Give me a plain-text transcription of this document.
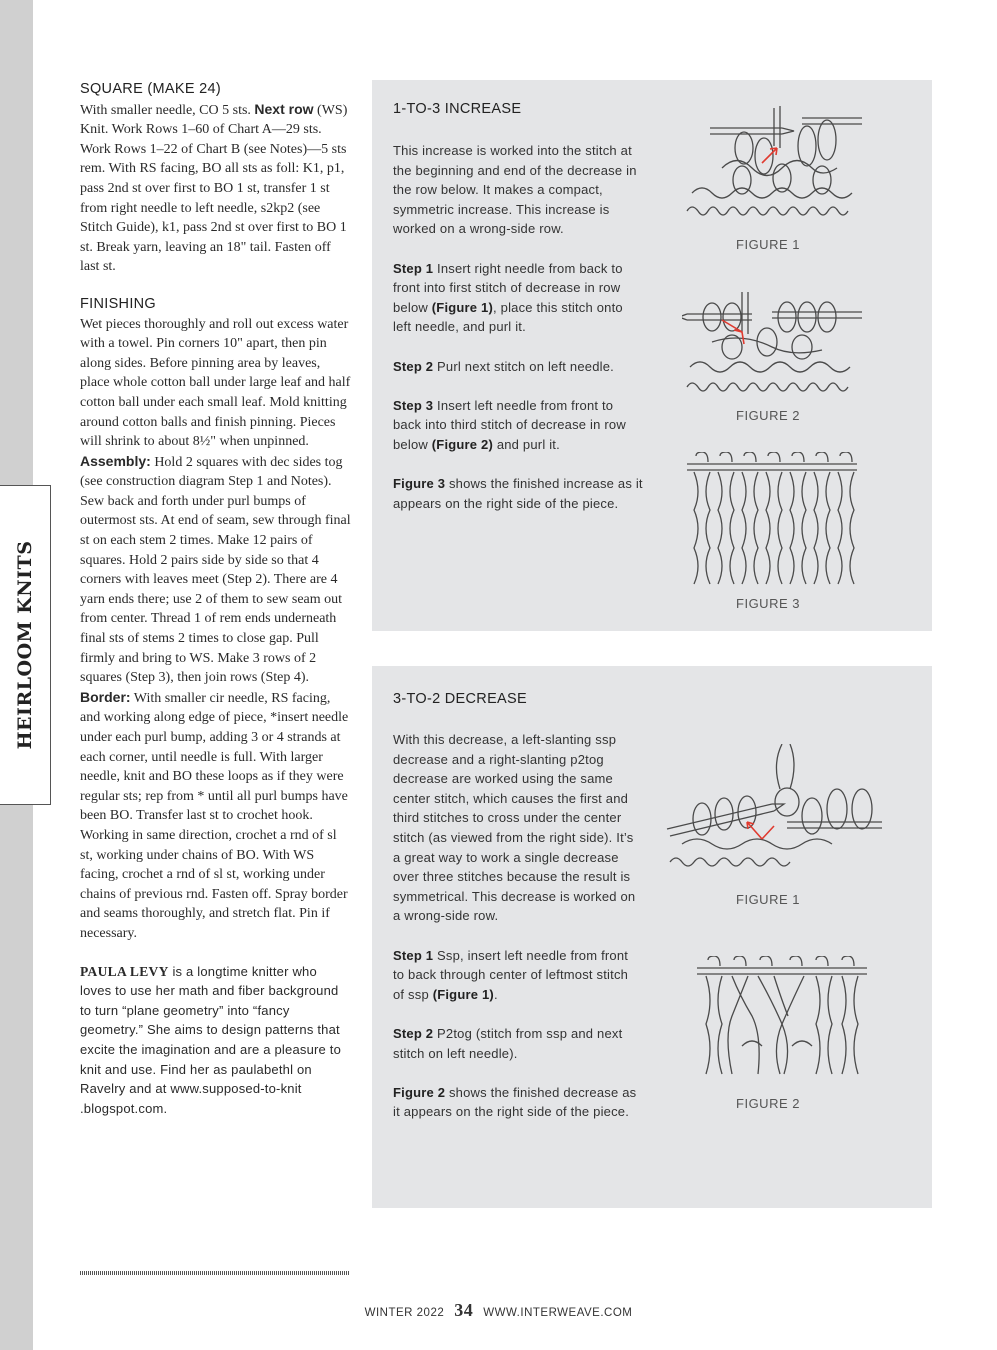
HEIRLOOM KNITS
SQUARE (MAKE 24)

With smaller needle, CO 5 sts. Next row (WS) Knit. Work Rows 1–60 of Chart A—29 sts. Work Rows 1–22 of Chart B (see Notes)—5 sts rem. With RS facing, BO all sts as foll: K1, p1, pass 2nd st over first to BO 1 st, transfer 1 st from right needle to left needle, s2kp2 (see Stitch Guide), k1, pass 2nd st over first to BO 1 st. Break yarn, leaving an 18" tail. Fasten off last st.

FINISHING

Wet pieces thoroughly and roll out excess water with a towel. Pin corners 10" apart, then pin along sides. Before pinning area by leaves, place whole cotton ball under large leaf and half cotton ball under each small leaf. Mold knitting around cotton balls and finish pinning. Pieces will shrink to about 8½" when unpinned. Assembly: Hold 2 squares with dec sides tog (see construction diagram Step 1 and Notes). Sew back and forth under purl bumps of outermost sts. At end of seam, sew through final st on each stem 2 times. Make 12 pairs of squares. Hold 2 pairs side by side so that 4 corners with leaves meet (Step 2). There are 4 yarn ends there; use 2 of them to sew seam out from center. Thread 1 of rem ends underneath final sts of stems 2 times to close gap. Pull firmly and bring to WS. Make 3 rows of 2 squares (Step 3), then join rows (Step 4). Border: With smaller cir needle, RS facing, and working along edge of piece, *insert needle under each purl bump, adding 3 or 4 strands at each corner, until needle is full. With larger needle, knit and BO these loops as if they were regular sts; rep from * until all purl bumps have been BO. Transfer last st to crochet hook. Working in same direction, crochet a rnd of sl st, working under chains of BO. With WS facing, crochet a rnd of sl st, working under chains of previous rnd. Fasten off. Spray border and seams thoroughly, and stretch flat. Pin if necessary.

PAULA LEVY is a longtime knitter who loves to use her math and fiber background to turn “plane geometry” into “fancy geometry.” She aims to design patterns that excite the imagination and are a pleasure to knit and use. Find her as paulabethl on Ravelry and at www.supposed-to-knit .blogspot.com.

1-TO-3 INCREASE

This increase is worked into the stitch at the beginning and end of the decrease in the row below. It makes a compact, symmetric increase. This increase is worked on a wrong-side row.

Step 1 Insert right needle from back to front into first stitch of decrease in row below (Figure 1), place this stitch onto left needle, and purl it.

Step 2 Purl next stitch on left needle.

Step 3 Insert left needle from front to back into third stitch of decrease in row below (Figure 2) and purl it.

Figure 3 shows the finished increase as it appears on the right side of the piece.

FIGURE 1
FIGURE 2
FIGURE 3
3-TO-2 DECREASE

With this decrease, a left-slanting ssp decrease and a right-slanting p2tog decrease are worked using the same center stitch, which causes the first and third stitches to cross under the center stitch (as viewed from the right side). It’s a great way to work a single decrease over three stitches because the result is symmetrical. This decrease is worked on a wrong-side row.

Step 1 Ssp, insert left needle from front to back through center of leftmost stitch of ssp (Figure 1).

Step 2 P2tog (stitch from ssp and next stitch on left needle).

Figure 2 shows the finished decrease as it appears on the right side of the piece.

FIGURE 1
FIGURE 2
WINTER 2022 34 WWW.INTERWEAVE.COM
